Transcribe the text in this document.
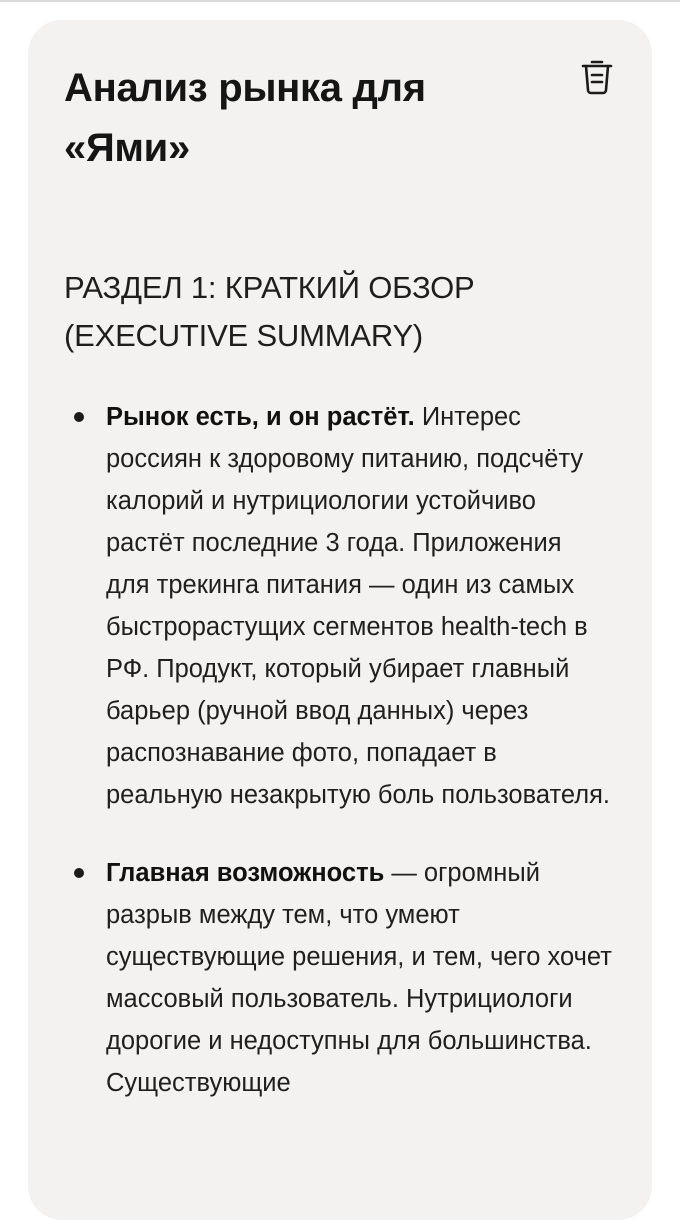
Анализ рынка для «Ями»
РАЗДЕЛ 1: КРАТКИЙ ОБЗОР (EXECUTIVE SUMMARY)
Рынок есть, и он растёт. Интерес россиян к здоровому питанию, подсчёту калорий и нутрициологии устойчиво растёт последние 3 года. Приложения для трекинга питания — один из самых быстрорастущих сегментов health-tech в РФ. Продукт, который убирает главный барьер (ручной ввод данных) через распознавание фото, попадает в реальную незакрытую боль пользователя.
Главная возможность — огромный разрыв между тем, что умеют существующие решения, и тем, чего хочет массовый пользователь. Нутрициологи дорогие и недоступны для большинства. Существующие
